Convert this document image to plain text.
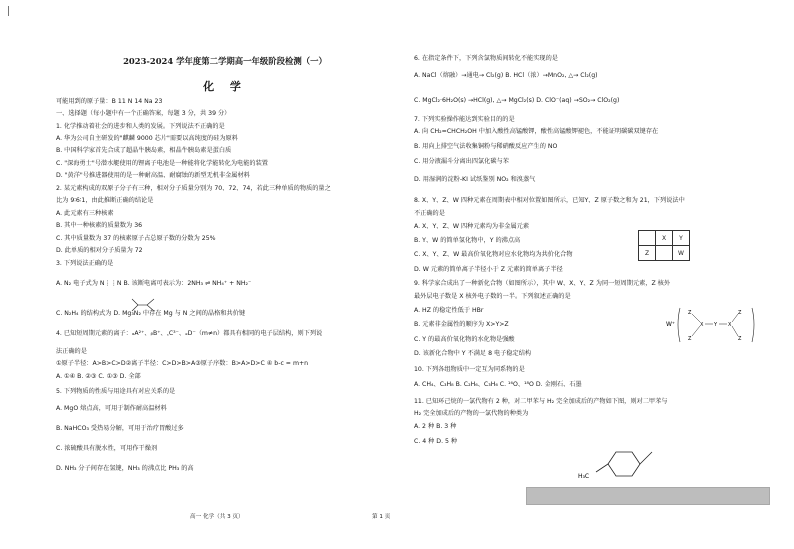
2023-2024 学年度第二学期高一年级阶段检测（一）
化 学
可能用到的原子量：B 11 N 14 Na 23
一、选择题（每小题中有一个正确答案，每题 3 分，共 39 分）
1. 化学推动着社会的进步和人类的发展。下列说法不正确的是
A. 华为公司自主研发的"麒麟 9000 芯片"需要以高纯度的硅为原料
B. 中国科学家首先合成了超晶牛胰岛素，相晶牛胰岛素是蛋白质
C. "深海勇士"号潜水艇使用的锂离子电池是一种能将化学能转化为电能的装置
D. "黄洋"号推进器使用的是一种耐高温、耐腐蚀的新型无机非金属材料
2. 某元素构成的双原子分子有三种，相对分子质量分别为 70、72、74，若此三种单质的物质的量之
比为 9∶6∶1，由此推断正确的结论是
A. 此元素有三种核素
B. 其中一种核素的质量数为 36
C. 其中质量数为 37 的核素原子占总原子数的分数为 25%
D. 此单质的相对分子质量为 72
3. 下列说法正确的是
A. N₂ 电子式为 N⋮⋮N B. 该断电离可表示为：2NH₃ ⇌ NH₄⁺ + NH₂⁻
C. N₂H₄ 的结构式为 D. Mg₃N₂ 中存在 Mg 与 N 之间的晶格和共价键
4. 已知短周期元素的离子：ₐA²⁺、ᵦB⁺、꜀C³⁻、ₔD⁻（m≠n）都具有相同的电子层结构，则下列说
法正确的是
①原子半径：A>B>C>D②离子半径：C>D>B>A③原子序数：B>A>D>C ④ b-c = m+n
A. ①④ B. ②③ C. ①③ D. 全部
5. 下列物质的性质与用途具有对应关系的是
A. MgO 熔点高，可用于制作耐高温材料
B. NaHCO₃ 受热易分解，可用于治疗胃酸过多
C. 浓硫酸具有脱水性，可用作干燥剂
D. NH₃ 分子间存在氢键，NH₃ 的沸点比 PH₃ 的高
6. 在指定条件下，下列含氯物质间转化不能实现的是
A. NaCl（熔融）→通电→ Cl₂(g) B. HCl（浓）→MnO₂, △→ Cl₂(g)
C. MgCl₂·6H₂O(s) →HCl(g), △→ MgCl₂(s) D. ClO⁻(aq) →SO₂→ ClO₂(g)
7. 下列实验操作能达到实验目的的是
A. 向 CH₂=CHCH₂OH 中加入酸性高锰酸钾，酸性高锰酸钾褪色，不能证明碳碳双键存在
B. 用向上排空气法收集铜粉与稀硝酸反应产生的 NO
C. 用分液漏斗分离出四氯化碳与苯
D. 用湿润的淀粉-KI 试纸鉴别 NO₂ 和溴蒸气
8. X、Y、Z、W 四种元素在周期表中相对位置如图所示，已知Y、Z 原子数之和为 21，下列说法中
不正确的是
A. X、Y、Z、W 四种元素均为非金属元素
B. Y、W 的简单氢化物中，Y 的沸点高
C. X、Y、Z、W 最高价氧化物对应水化物均为共价化合物
D. W 元素的简单离子半径小于 Z 元素的简单离子半径
9. 科学家合成出了一种新化合物（如图所示），其中 W、X、Y、Z 为同一短周期元素，Z 核外
最外层电子数是 X 核外电子数的一半。下列叙述正确的是
A. HZ 的稳定性低于 HBr
B. 元素非金属性的顺序为 X>Y>Z
C. Y 的最高价氧化物的水化物是强酸
D. 该新化合物中 Y 不满足 8 电子稳定结构
10. 下列各组物质中一定互为同系物的是
A. CH₄、C₃H₈ B. C₂H₆、C₃H₆ C. ¹⁶O、¹⁸O D. 金刚石、石墨
11. 已知环己烷的一氯代物有 2 种，对二甲苯与 H₂ 完全加成后的产物如下图，则对二甲苯与
H₂ 完全加成后的产物的一氯代物的种类为
A. 2 种 B. 3 种
C. 4 种 D. 5 种
	X	Y
Z		W
W⁺
Z
Z
X Y X
Z
Z
H₃C
高一 化学（共 3 页）	第 1 页
